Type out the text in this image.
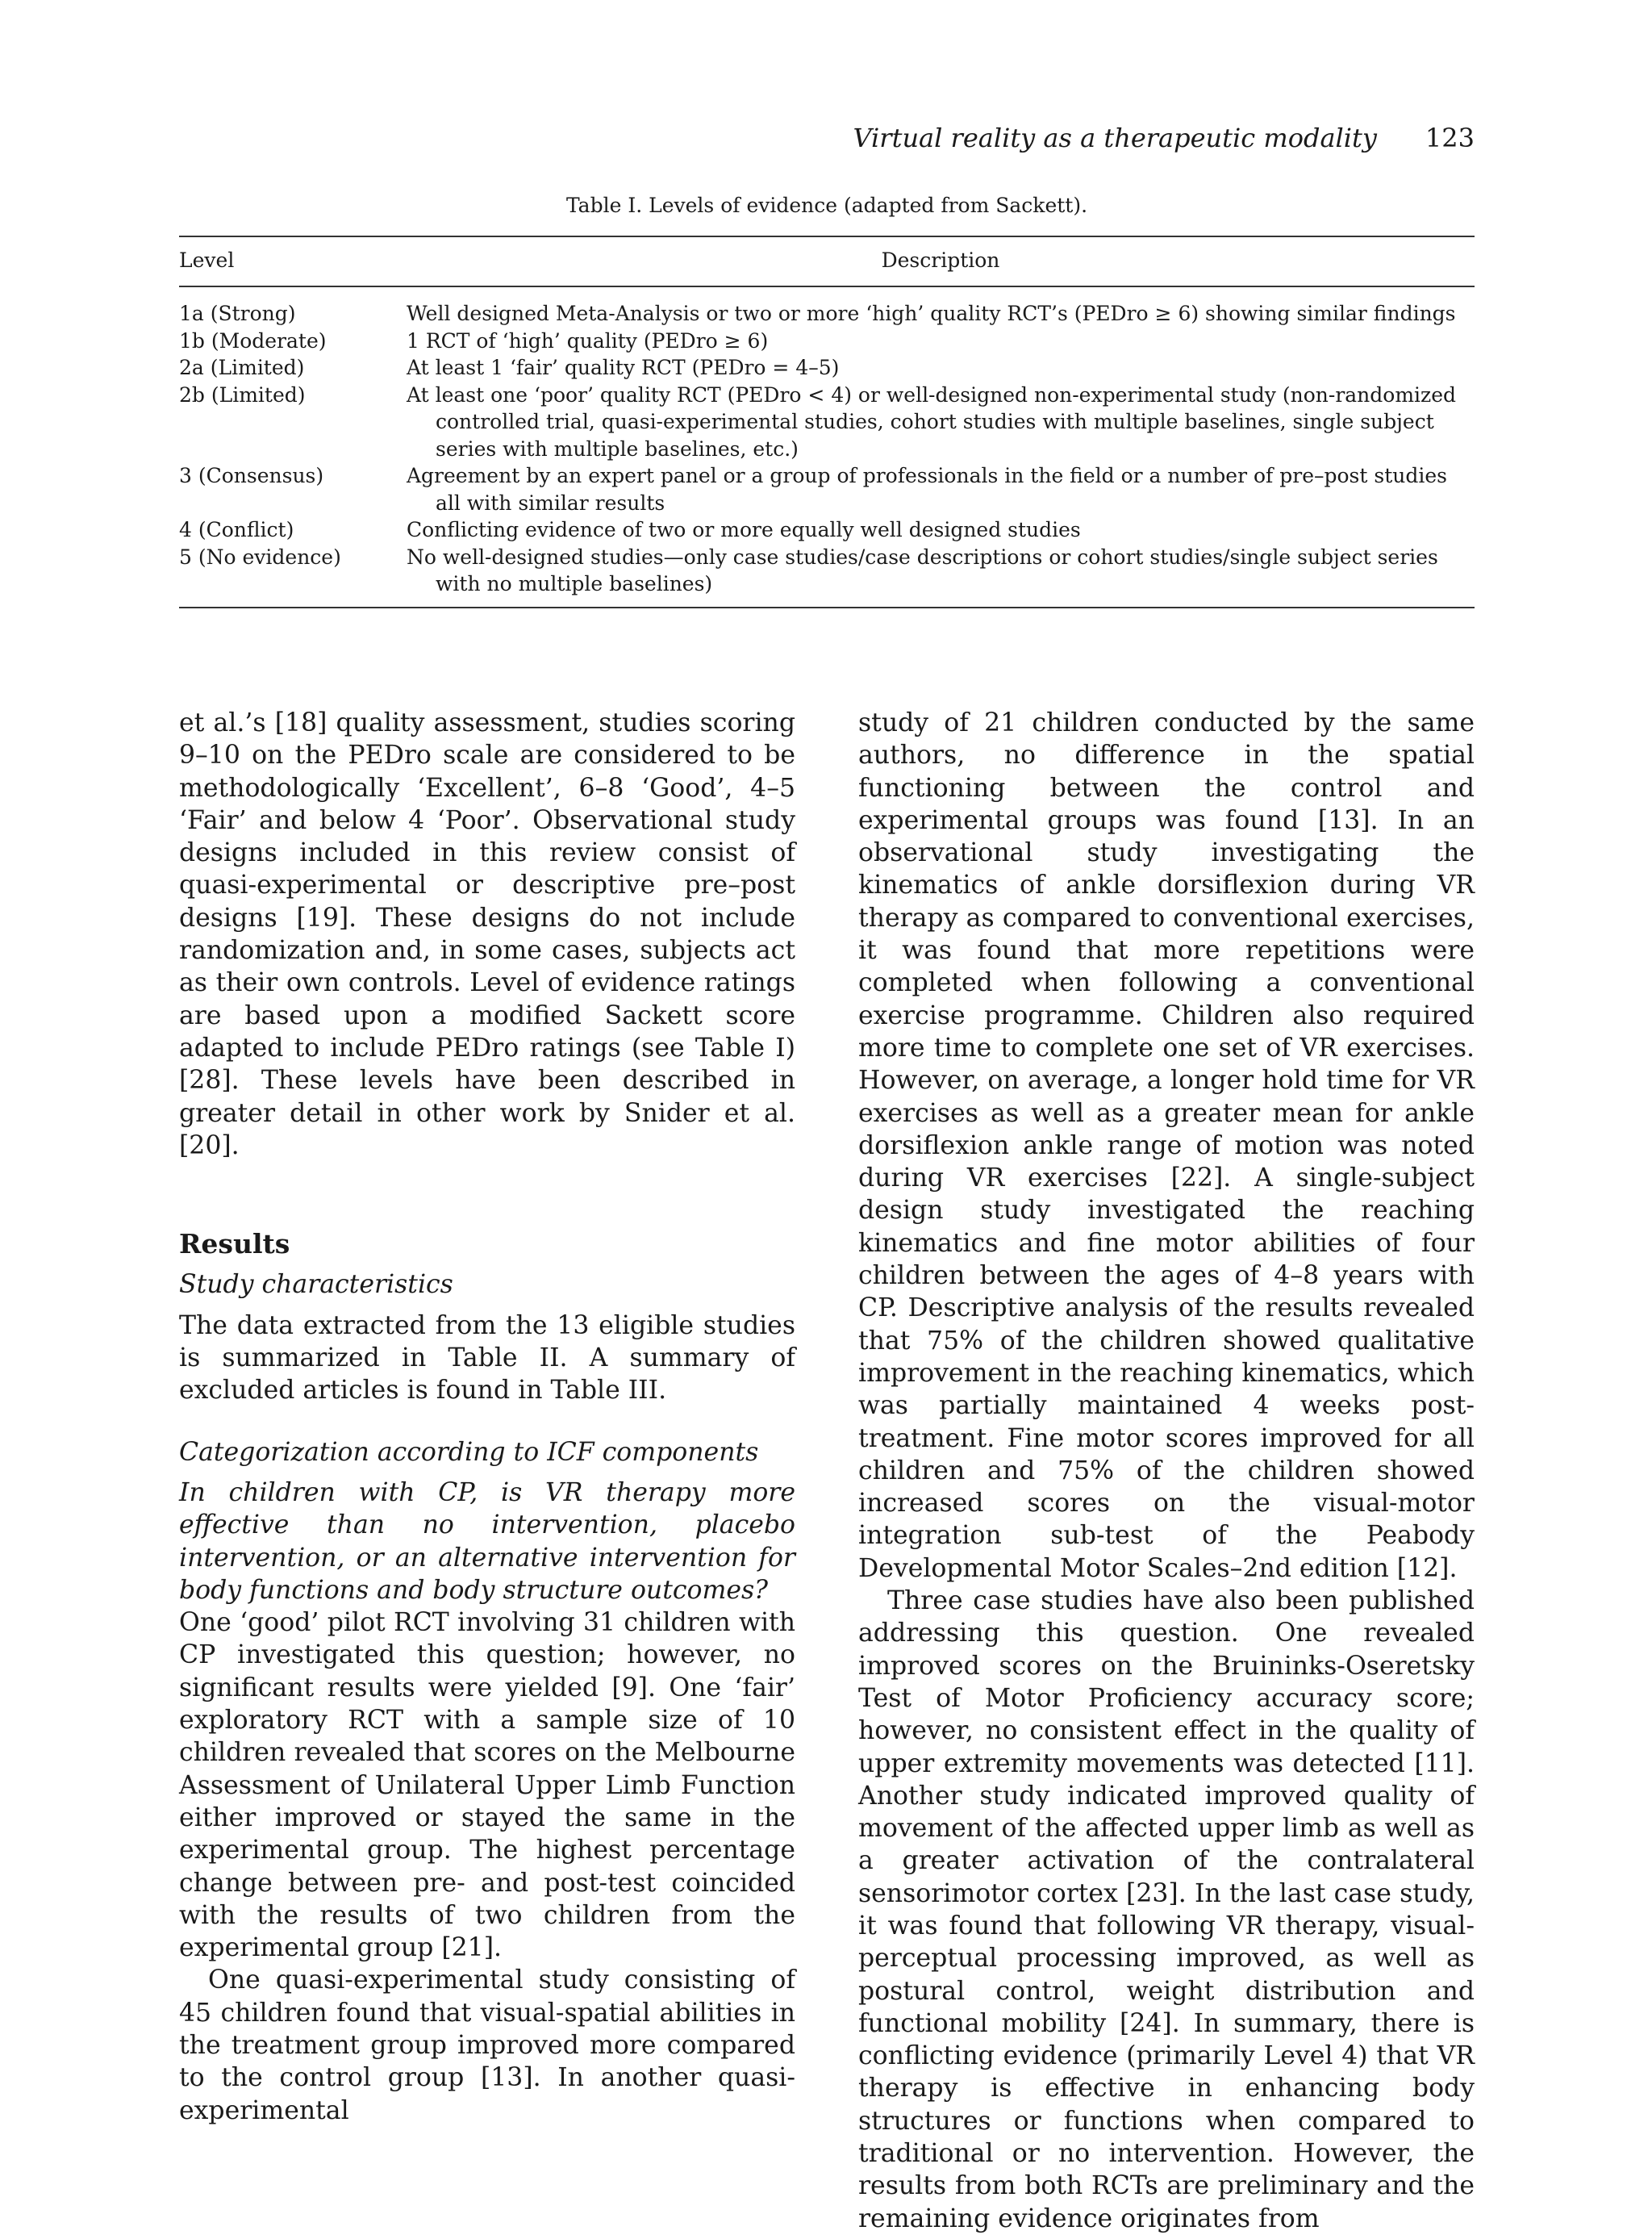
Virtual reality as a therapeutic modality 123
Table I. Levels of evidence (adapted from Sackett).
Level	Description
1a (Strong)	Well designed Meta-Analysis or two or more ‘high’ quality RCT’s (PEDro ≥ 6) showing similar findings
1b (Moderate)	1 RCT of ‘high’ quality (PEDro ≥ 6)
2a (Limited)	At least 1 ‘fair’ quality RCT (PEDro = 4–5)
2b (Limited)	At least one ‘poor’ quality RCT (PEDro < 4) or well-designed non-experimental study (non-randomized controlled trial, quasi-experimental studies, cohort studies with multiple baselines, single subject series with multiple baselines, etc.)
3 (Consensus)	Agreement by an expert panel or a group of professionals in the field or a number of pre–post studies all with similar results
4 (Conflict)	Conflicting evidence of two or more equally well designed studies
5 (No evidence)	No well-designed studies—only case studies/case descriptions or cohort studies/single subject series with no multiple baselines)

et al.’s [18] quality assessment, studies scoring 9–10 on the PEDro scale are considered to be methodologically ‘Excellent’, 6–8 ‘Good’, 4–5 ‘Fair’ and below 4 ‘Poor’. Observational study designs included in this review consist of quasi-experimental or descriptive pre–post designs [19]. These designs do not include randomization and, in some cases, subjects act as their own controls. Level of evidence ratings are based upon a modified Sackett score adapted to include PEDro ratings (see Table I) [28]. These levels have been described in greater detail in other work by Snider et al. [20].

Results

Study characteristics

The data extracted from the 13 eligible studies is summarized in Table II. A summary of excluded articles is found in Table III.

Categorization according to ICF components

In children with CP, is VR therapy more effective than no intervention, placebo intervention, or an alternative intervention for body functions and body structure outcomes?

One ‘good’ pilot RCT involving 31 children with CP investigated this question; however, no significant results were yielded [9]. One ‘fair’ exploratory RCT with a sample size of 10 children revealed that scores on the Melbourne Assessment of Unilateral Upper Limb Function either improved or stayed the same in the experimental group. The highest percentage change between pre- and post-test coincided with the results of two children from the experimental group [21].

One quasi-experimental study consisting of 45 children found that visual-spatial abilities in the treatment group improved more compared to the control group [13]. In another quasi-experimental

study of 21 children conducted by the same authors, no difference in the spatial functioning between the control and experimental groups was found [13]. In an observational study investigating the kinematics of ankle dorsiflexion during VR therapy as compared to conventional exercises, it was found that more repetitions were completed when following a conventional exercise programme. Children also required more time to complete one set of VR exercises. However, on average, a longer hold time for VR exercises as well as a greater mean for ankle dorsiflexion ankle range of motion was noted during VR exercises [22]. A single-subject design study investigated the reaching kinematics and fine motor abilities of four children between the ages of 4–8 years with CP. Descriptive analysis of the results revealed that 75% of the children showed qualitative improvement in the reaching kinematics, which was partially maintained 4 weeks post-treatment. Fine motor scores improved for all children and 75% of the children showed increased scores on the visual-motor integration sub-test of the Peabody Developmental Motor Scales–2nd edition [12].

Three case studies have also been published addressing this question. One revealed improved scores on the Bruininks-Oseretsky Test of Motor Proficiency accuracy score; however, no consistent effect in the quality of upper extremity movements was detected [11]. Another study indicated improved quality of movement of the affected upper limb as well as a greater activation of the contralateral sensorimotor cortex [23]. In the last case study, it was found that following VR therapy, visual-perceptual processing improved, as well as postural control, weight distribution and functional mobility [24]. In summary, there is conflicting evidence (primarily Level 4) that VR therapy is effective in enhancing body structures or functions when compared to traditional or no intervention. However, the results from both RCTs are preliminary and the remaining evidence originates from
